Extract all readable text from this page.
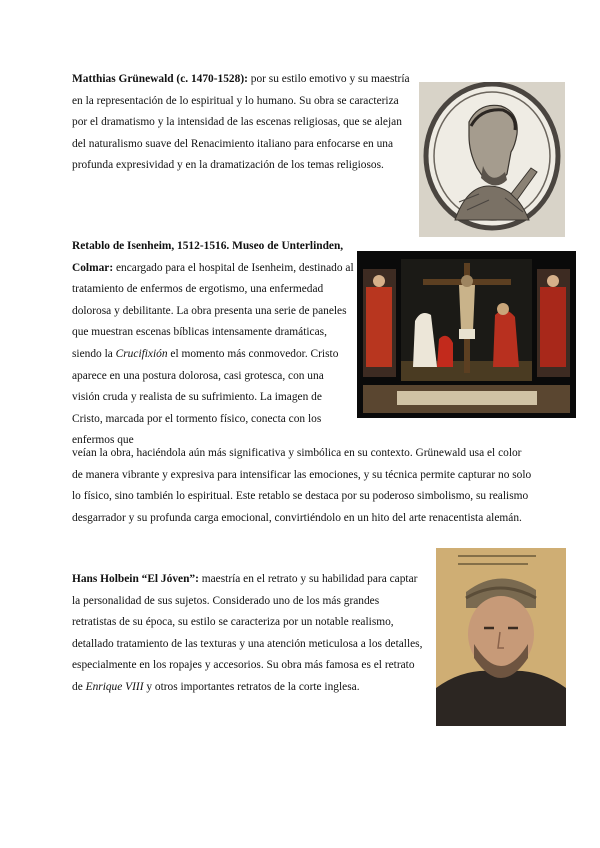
Matthias Grünewald (c. 1470-1528): por su estilo emotivo y su maestría en la representación de lo espiritual y lo humano. Su obra se caracteriza por el dramatismo y la intensidad de las escenas religiosas, que se alejan del naturalismo suave del Renacimiento italiano para enfocarse en una profunda expresividad y en la dramatización de los temas religiosos.

Retablo de Isenheim, 1512-1516. Museo de Unterlinden, Colmar: encargado para el hospital de Isenheim, destinado al tratamiento de enfermos de ergotismo, una enfermedad dolorosa y debilitante. La obra presenta una serie de paneles que muestran escenas bíblicas intensamente dramáticas, siendo la Crucifixión el momento más conmovedor. Cristo aparece en una postura dolorosa, casi grotesca, con una visión cruda y realista de su sufrimiento. La imagen de Cristo, marcada por el tormento físico, conecta con los enfermos que

veían la obra, haciéndola aún más significativa y simbólica en su contexto. Grünewald usa el color de manera vibrante y expresiva para intensificar las emociones, y su técnica permite capturar no solo lo físico, sino también lo espiritual. Este retablo se destaca por su poderoso simbolismo, su realismo desgarrador y su profunda carga emocional, convirtiéndolo en un hito del arte renacentista alemán.

Hans Holbein “El Jóven”: maestría en el retrato y su habilidad para captar la personalidad de sus sujetos. Considerado uno de los más grandes retratistas de su época, su estilo se caracteriza por un notable realismo, detallado tratamiento de las texturas y una atención meticulosa a los detalles, especialmente en los ropajes y accesorios. Su obra más famosa es el retrato de Enrique VIII y otros importantes retratos de la corte inglesa.
